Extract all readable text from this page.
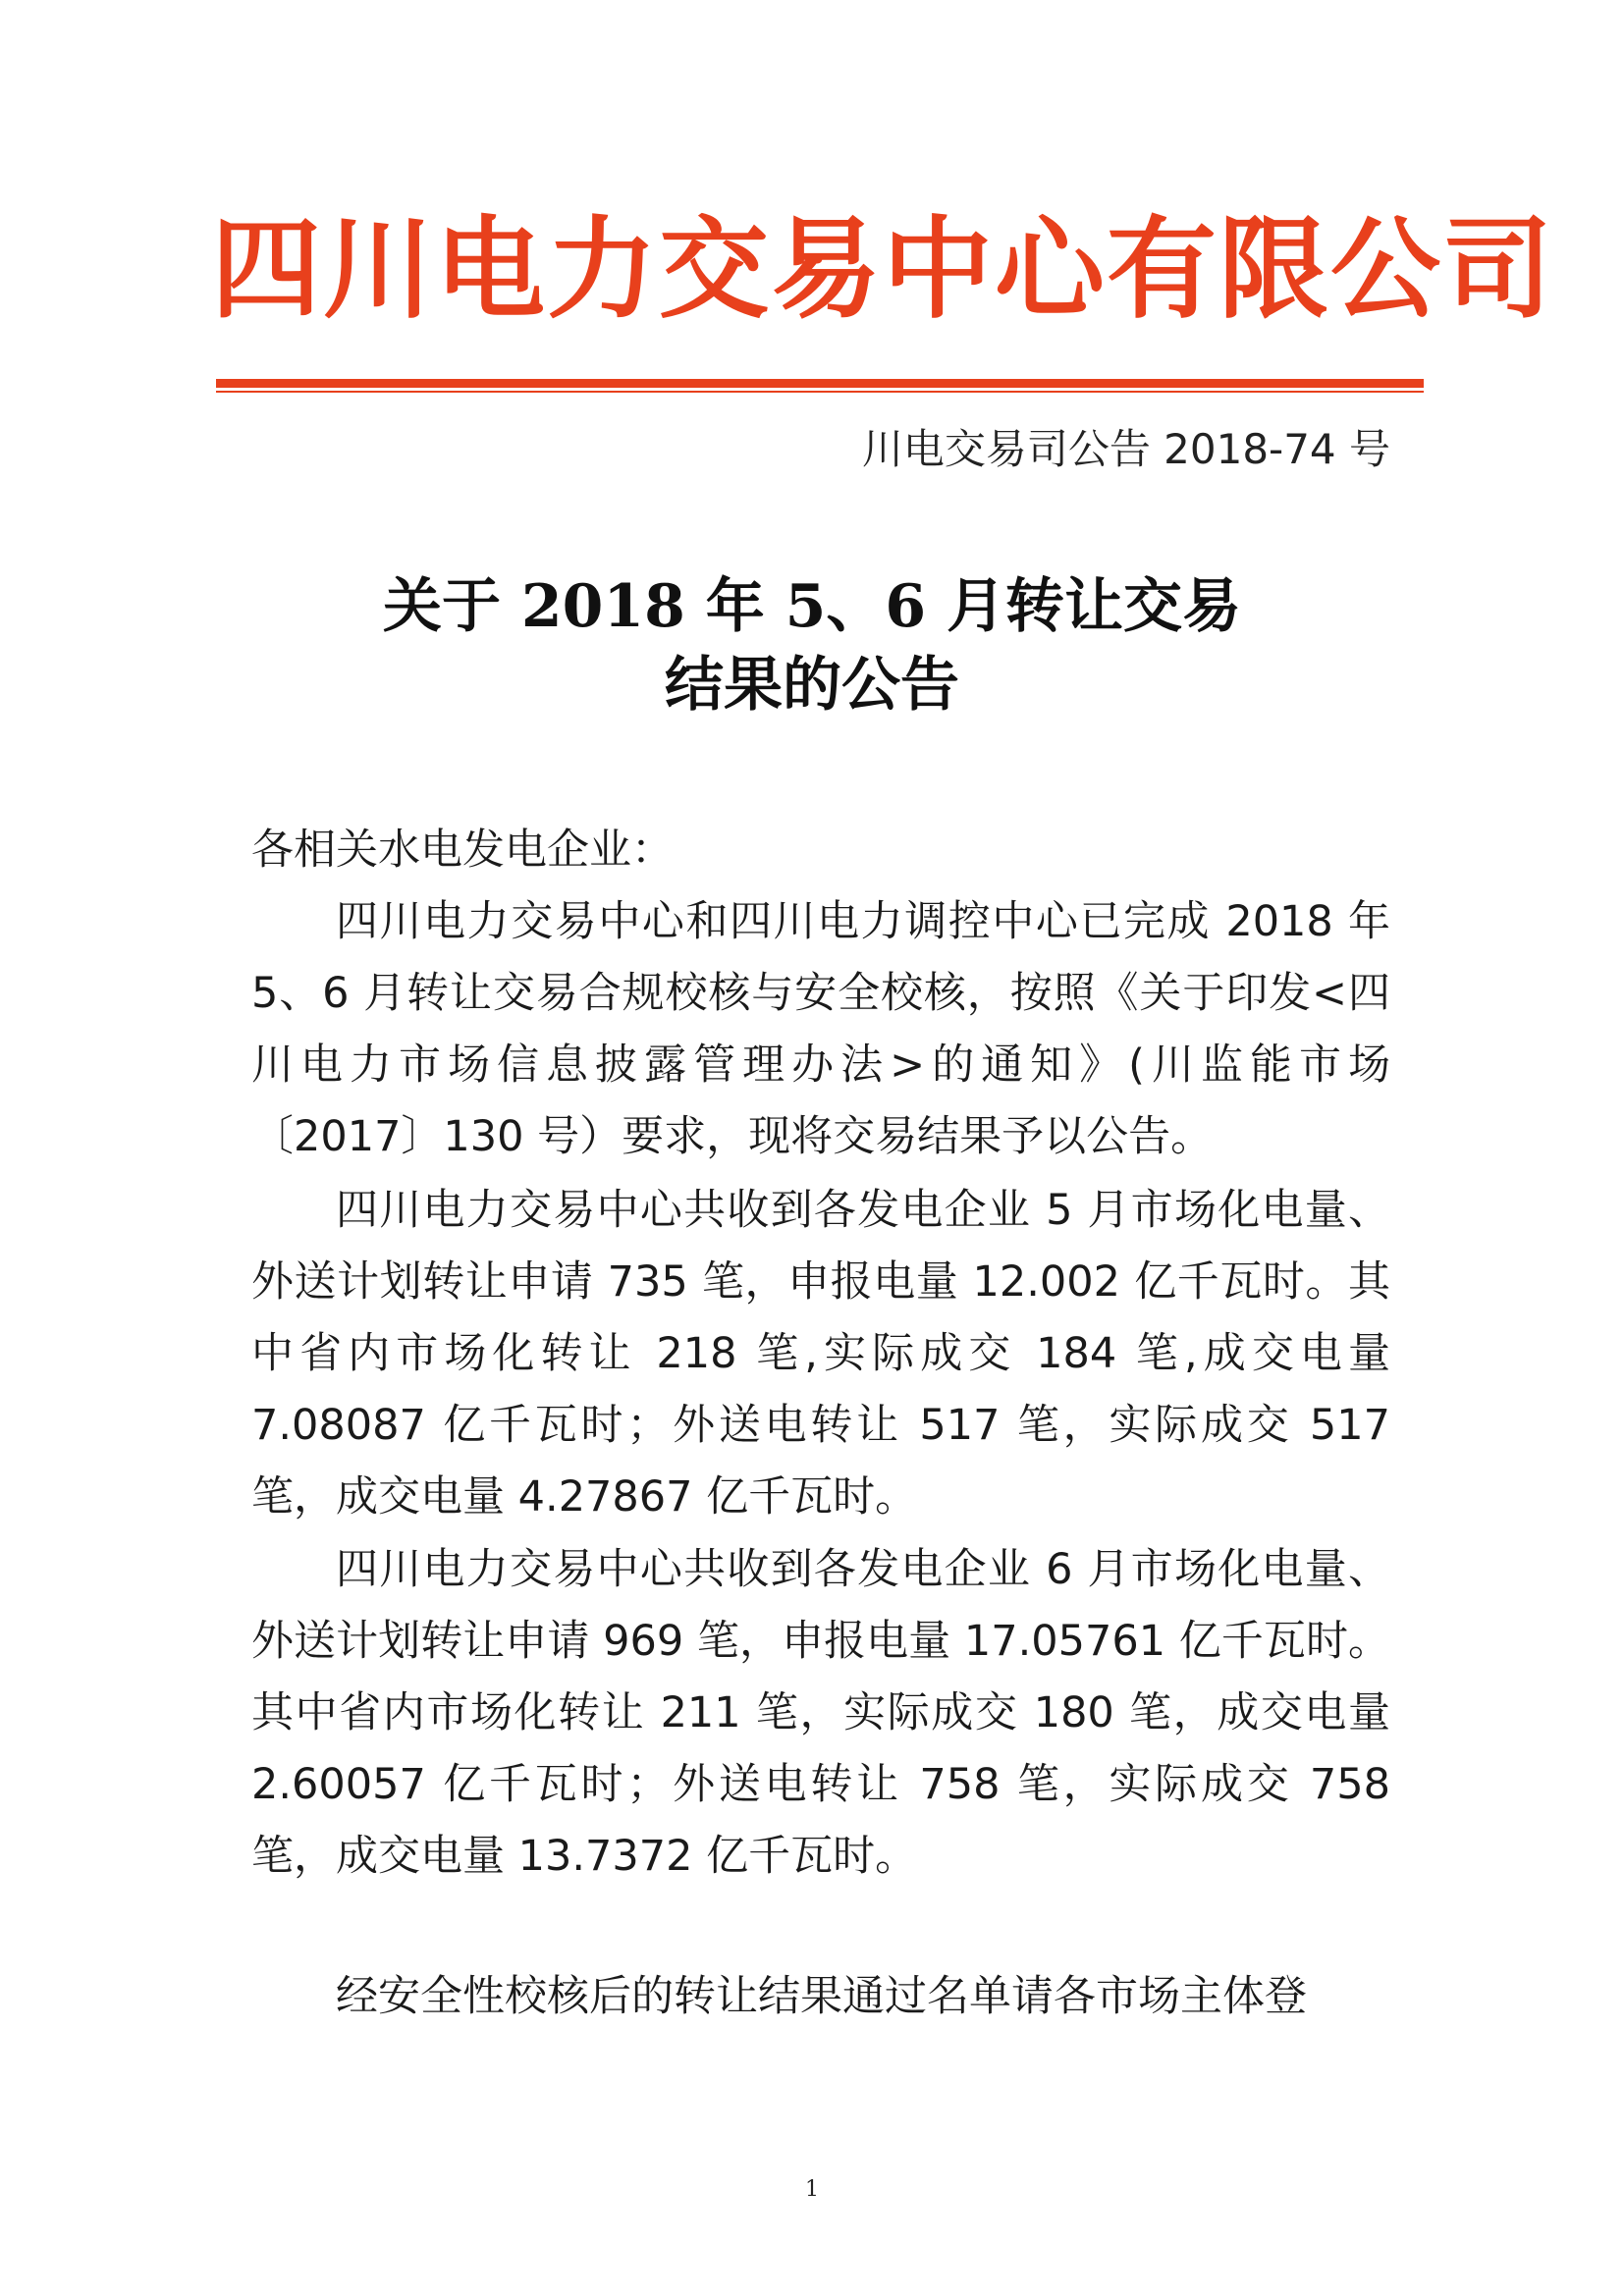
四川电力交易中心有限公司
川电交易司公告 2018-74 号
关于 2018 年 5、6 月转让交易
结果的公告
各相关水电发电企业：
四川电力交易中心和四川电力调控中心已完成 2018 年 5、6 月转让交易合规校核与安全校核，按照《关于印发<四川电力市场信息披露管理办法>的通知》(川监能市场〔2017〕130 号）要求，现将交易结果予以公告。
四川电力交易中心共收到各发电企业 5 月市场化电量、外送计划转让申请 735 笔，申报电量 12.002 亿千瓦时。其中省内市场化转让 218 笔,实际成交 184 笔,成交电量 7.08087 亿千瓦时；外送电转让 517 笔，实际成交 517 笔，成交电量 4.27867 亿千瓦时。
四川电力交易中心共收到各发电企业 6 月市场化电量、外送计划转让申请 969 笔，申报电量 17.05761 亿千瓦时。其中省内市场化转让 211 笔，实际成交 180 笔，成交电量 2.60057 亿千瓦时；外送电转让 758 笔，实际成交 758 笔，成交电量 13.7372 亿千瓦时。
经安全性校核后的转让结果通过名单请各市场主体登
1
